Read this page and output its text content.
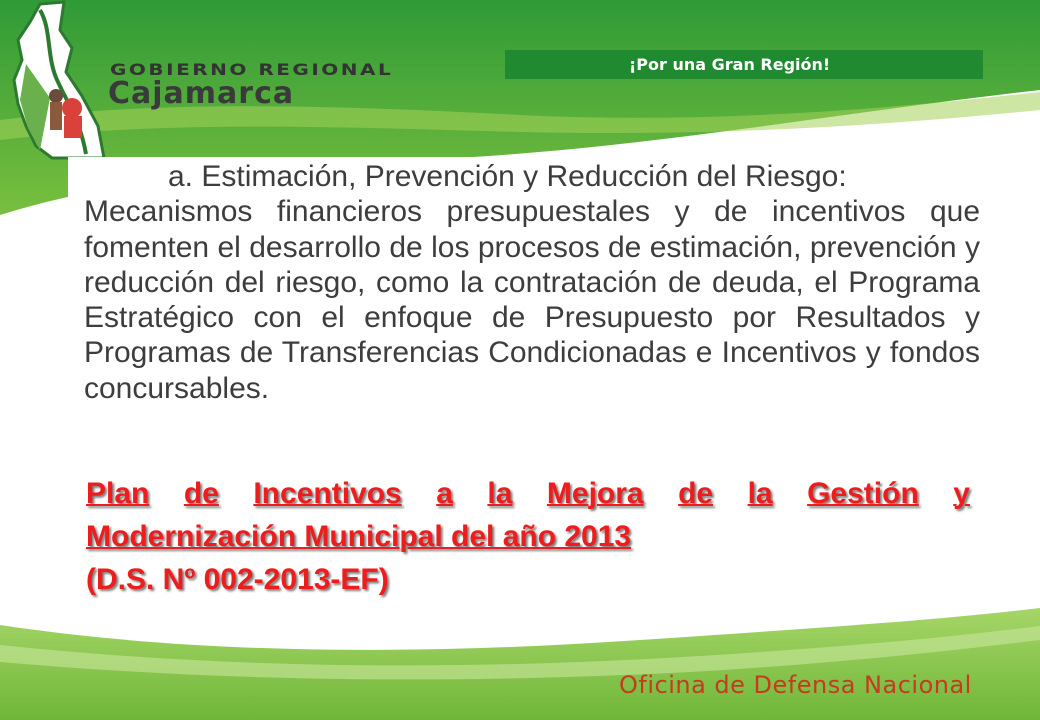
GOBIERNO REGIONAL
Cajamarca
¡Por una Gran Región!

a. Estimación, Prevención y Reducción del Riesgo:
Mecanismos financieros presupuestales y de incentivos que fomenten el desarrollo de los procesos de estimación, prevención y reducción del riesgo, como la contratación de deuda, el Programa Estratégico con el enfoque de Presupuesto por Resultados y Programas de Transferencias Condicionadas e Incentivos y fondos concursables.

Plan de Incentivos a la Mejora de la Gestión y
Modernización Municipal del año 2013
(D.S. Nº 002-2013-EF)
Oficina de Defensa Nacional
